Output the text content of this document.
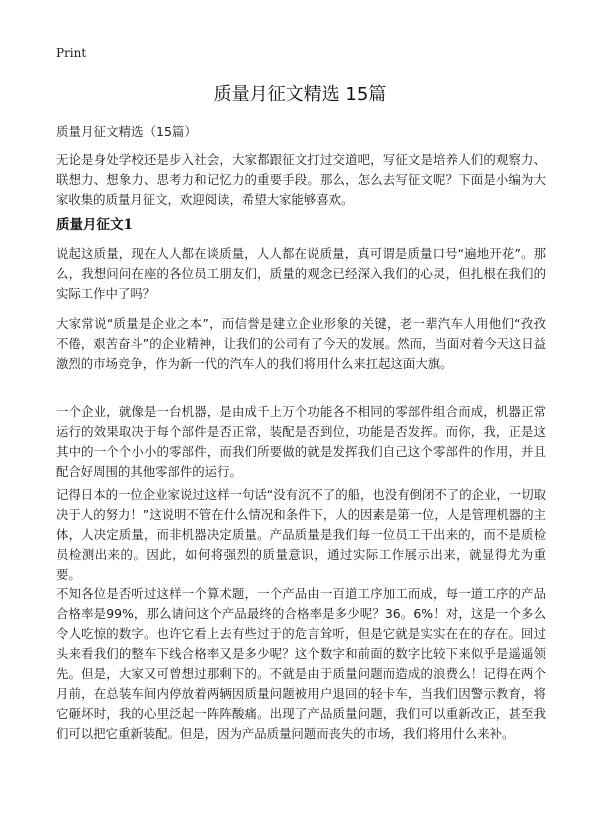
Print
质量月征文精选 15篇
质量月征文精选（15篇）

无论是身处学校还是步入社会，大家都跟征文打过交道吧，写征文是培养人们的观察力、联想力、想象力、思考力和记忆力的重要手段。那么，怎么去写征文呢？下面是小编为大家收集的质量月征文，欢迎阅读，希望大家能够喜欢。

质量月征文1

说起这质量，现在人人都在谈质量，人人都在说质量，真可谓是质量口号“遍地开花”。那么，我想问问在座的各位员工朋友们，质量的观念已经深入我们的心灵，但扎根在我们的实际工作中了吗？

大家常说“质量是企业之本”，而信誉是建立企业形象的关键，老一辈汽车人用他们“孜孜不倦，艰苦奋斗”的企业精神，让我们的公司有了今天的发展。然而，当面对着今天这日益激烈的市场竞争，作为新一代的汽车人的我们将用什么来扛起这面大旗。

一个企业，就像是一台机器，是由成千上万个功能各不相同的零部件组合而成，机器正常运行的效果取决于每个部件是否正常，装配是否到位，功能是否发挥。而你，我，正是这其中的一个个小小的零部件，而我们所要做的就是发挥我们自己这个零部件的作用，并且配合好周围的其他零部件的运行。

记得日本的一位企业家说过这样一句话“没有沉不了的船，也没有倒闭不了的企业，一切取决于人的努力！”这说明不管在什么情况和条件下，人的因素是第一位，人是管理机器的主体，人决定质量，而非机器决定质量。产品质量是我们每一位员工干出来的，而不是质检员检测出来的。因此，如何将强烈的质量意识，通过实际工作展示出来，就显得尤为重要。

不知各位是否听过这样一个算术题，一个产品由一百道工序加工而成，每一道工序的产品合格率是99%，那么请问这个产品最终的合格率是多少呢？36。6%！对，这是一个多么令人吃惊的数字。也许它看上去有些过于的危言耸听，但是它就是实实在在的存在。回过头来看我们的整车下线合格率又是多少呢？这个数字和前面的数字比较下来似乎是遥遥领先。但是，大家又可曾想过那剩下的。不就是由于质量问题而造成的浪费么！记得在两个月前，在总装车间内停放着两辆因质量问题被用户退回的轻卡车，当我们因警示教育，将它砸坏时，我的心里泛起一阵阵酸痛。出现了产品质量问题，我们可以重新改正，甚至我们可以把它重新装配。但是，因为产品质量问题而丧失的市场，我们将用什么来补。
